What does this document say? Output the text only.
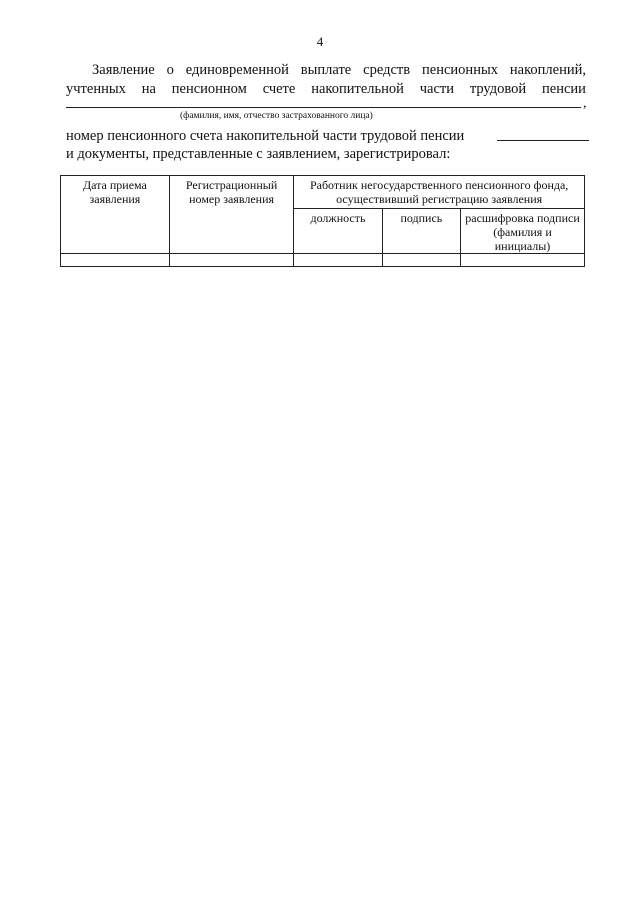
4
Заявление о единовременной выплате средств пенсионных накоплений,
учтенных на пенсионном счете накопительной части трудовой пенсии
,
(фамилия, имя, отчество застрахованного лица)
номер пенсионного счета накопительной части трудовой пенсии
и документы, представленные с заявлением, зарегистрировал:
Дата приема заявления	Регистрационный номер заявления	Работник негосударственного пенсионного фонда, осуществивший регистрацию заявления		
		должность	подпись	расшифровка подписи (фамилия и инициалы)
